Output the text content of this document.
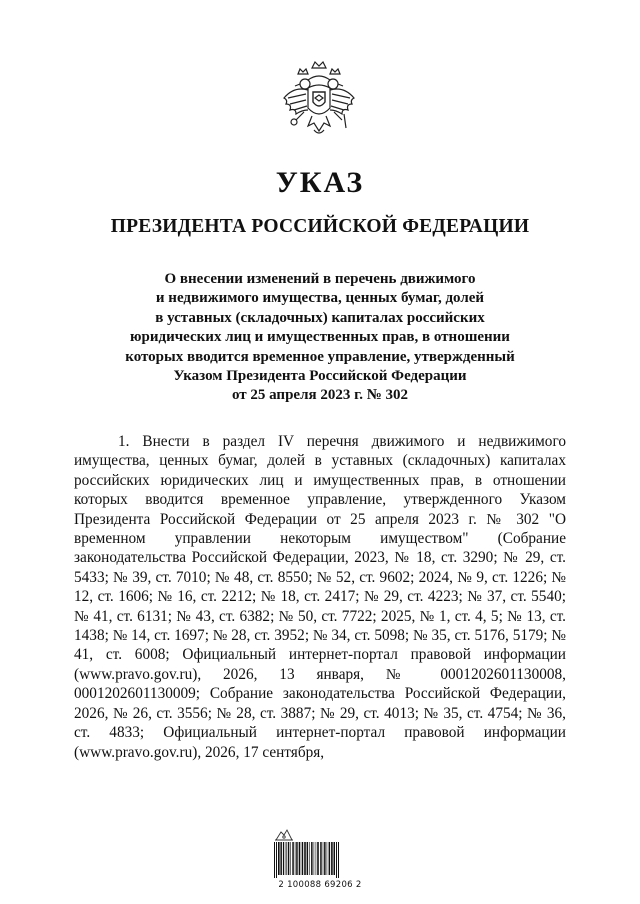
УКАЗ
ПРЕЗИДЕНТА РОССИЙСКОЙ ФЕДЕРАЦИИ
О внесении изменений в перечень движимого
и недвижимого имущества, ценных бумаг, долей
в уставных (складочных) капиталах российских
юридических лиц и имущественных прав, в отношении
которых вводится временное управление, утвержденный
Указом Президента Российской Федерации
от 25 апреля 2023 г. № 302

1. Внести в раздел IV перечня движимого и недвижимого имущества, ценных бумаг, долей в уставных (складочных) капиталах российских юридических лиц и имущественных прав, в отношении которых вводится временное управление, утвержденного Указом Президента Российской Федерации от 25 апреля 2023 г. № 302 "О временном управлении некоторым имуществом" (Собрание законодательства Российской Федерации, 2023, № 18, ст. 3290; № 29, ст. 5433; № 39, ст. 7010; № 48, ст. 8550; № 52, ст. 9602; 2024, № 9, ст. 1226; № 12, ст. 1606; № 16, ст. 2212; № 18, ст. 2417; № 29, ст. 4223; № 37, ст. 5540; № 41, ст. 6131; № 43, ст. 6382; № 50, ст. 7722; 2025, № 1, ст. 4, 5; № 13, ст. 1438; № 14, ст. 1697; № 28, ст. 3952; № 34, ст. 5098; № 35, ст. 5176, 5179; № 41, ст. 6008; Официальный интернет-портал правовой информации (www.pravo.gov.ru), 2026, 13 января, № 0001202601130008, 0001202601130009; Собрание законодательства Российской Федерации, 2026, № 26, ст. 3556; № 28, ст. 3887; № 29, ст. 4013; № 35, ст. 4754; № 36, ст. 4833; Официальный интернет-портал правовой информации (www.pravo.gov.ru), 2026, 17 сентября,

2 100088 69206 2
